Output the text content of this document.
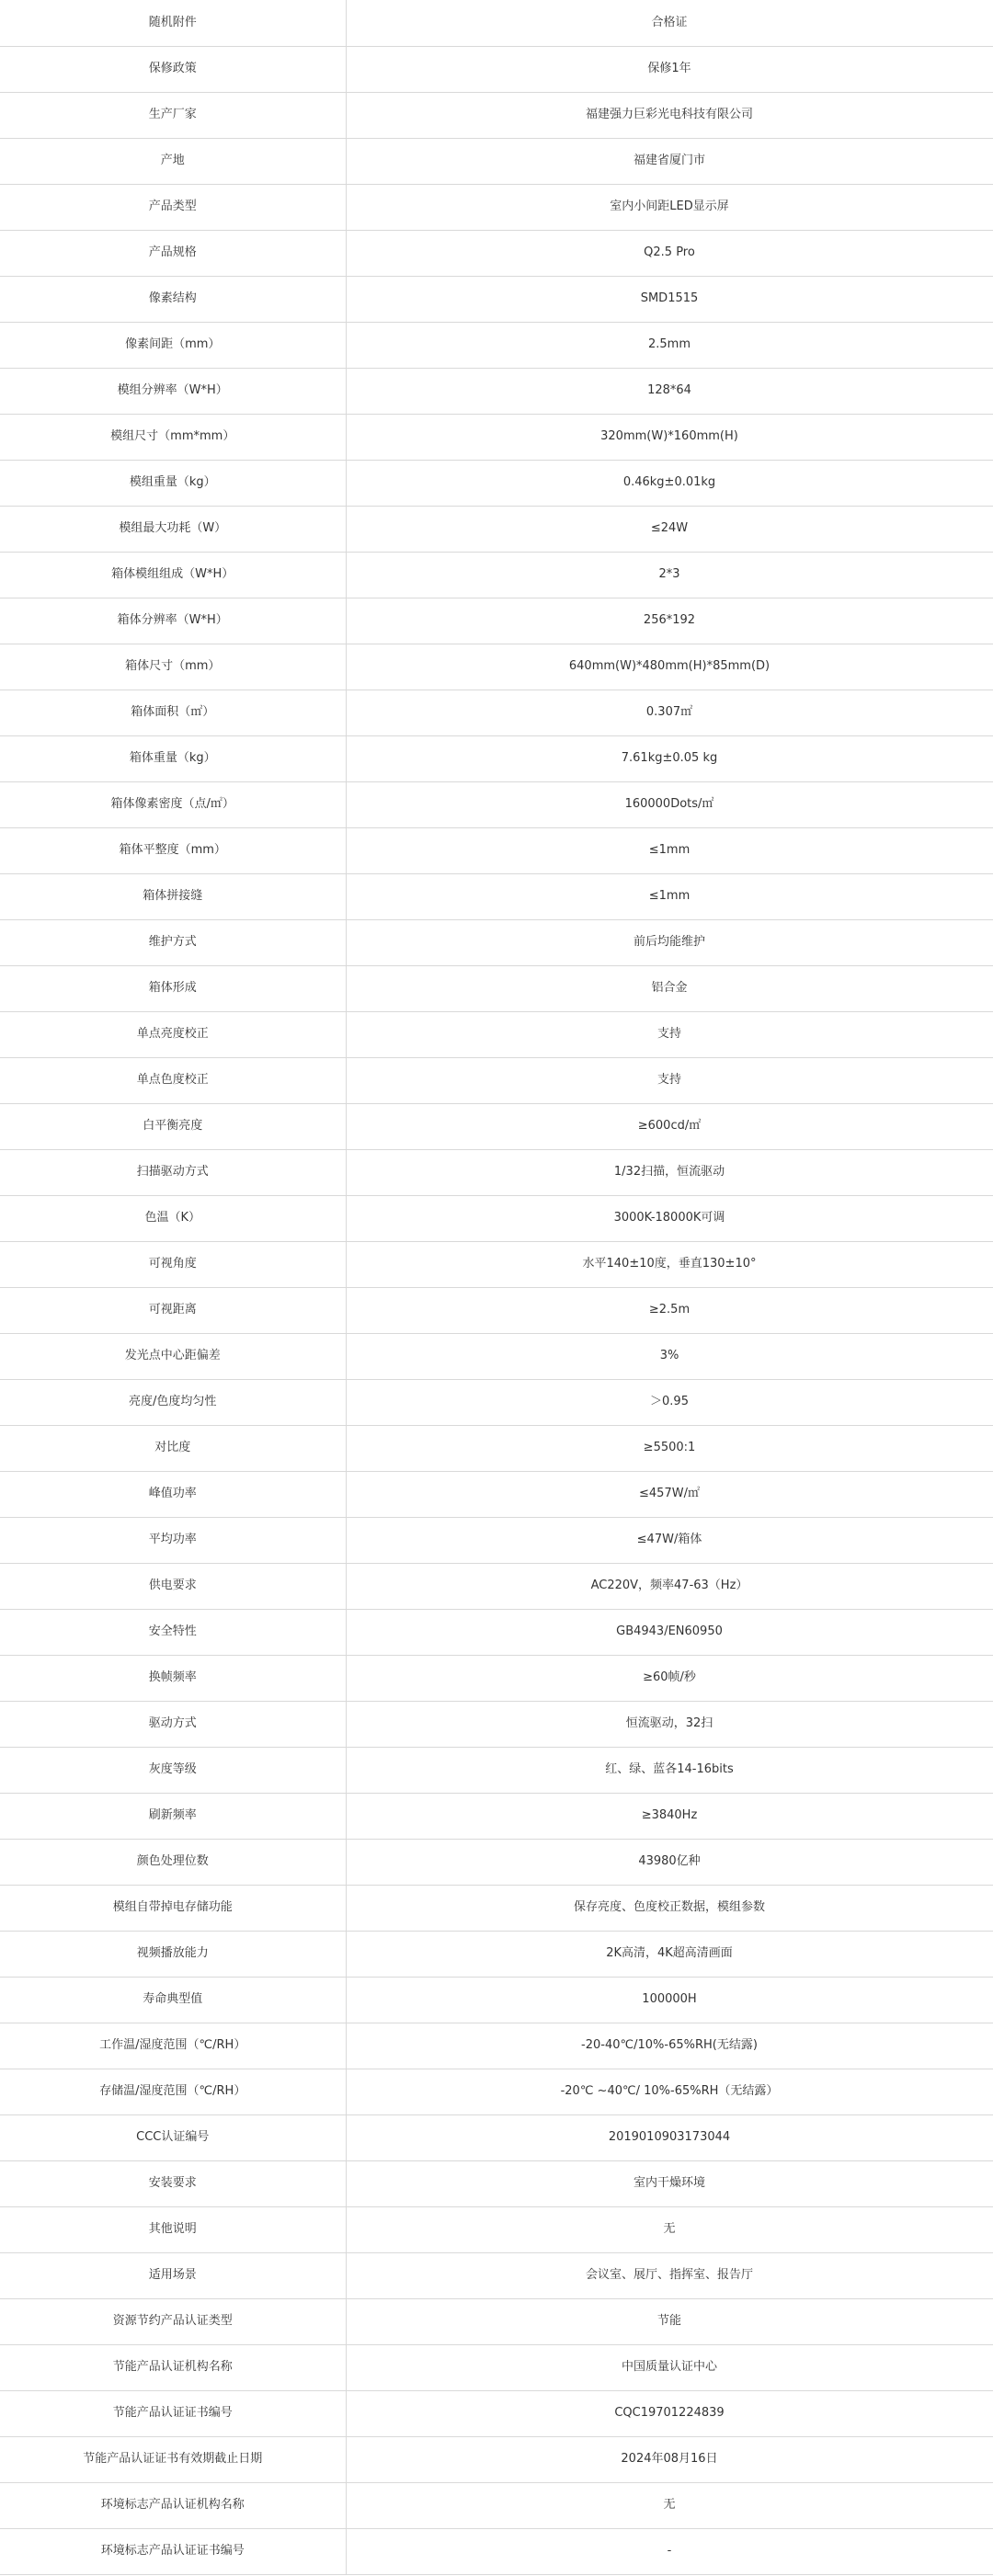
随机附件	合格证
保修政策	保修1年
生产厂家	福建强力巨彩光电科技有限公司
产地	福建省厦门市
产品类型	室内小间距LED显示屏
产品规格	Q2.5 Pro
像素结构	SMD1515
像素间距（mm）	2.5mm
模组分辨率（W*H）	128*64
模组尺寸（mm*mm）	320mm(W)*160mm(H)
模组重量（kg）	0.46kg±0.01kg
模组最大功耗（W）	≤24W
箱体模组组成（W*H）	2*3
箱体分辨率（W*H）	256*192
箱体尺寸（mm）	640mm(W)*480mm(H)*85mm(D)
箱体面积（㎡）	0.307㎡
箱体重量（kg）	7.61kg±0.05 kg
箱体像素密度（点/㎡）	160000Dots/㎡
箱体平整度（mm）	≤1mm
箱体拼接缝	≤1mm
维护方式	前后均能维护
箱体形成	铝合金
单点亮度校正	支持
单点色度校正	支持
白平衡亮度	≥600cd/㎡
扫描驱动方式	1/32扫描，恒流驱动
色温（K）	3000K-18000K可调
可视角度	水平140±10度，垂直130±10°
可视距离	≥2.5m
发光点中心距偏差	3%
亮度/色度均匀性	＞0.95
对比度	≥5500:1
峰值功率	≤457W/㎡
平均功率	≤47W/箱体
供电要求	AC220V，频率47-63（Hz）
安全特性	GB4943/EN60950
换帧频率	≥60帧/秒
驱动方式	恒流驱动，32扫
灰度等级	红、绿、蓝各14-16bits
刷新频率	≥3840Hz
颜色处理位数	43980亿种
模组自带掉电存储功能	保存亮度、色度校正数据，模组参数
视频播放能力	2K高清，4K超高清画面
寿命典型值	100000H
工作温/湿度范围（℃/RH）	-20-40℃/10%-65%RH(无结露)
存储温/湿度范围（℃/RH）	-20℃ ~40℃/ 10%-65%RH（无结露）
CCC认证编号	2019010903173044
安装要求	室内干燥环境
其他说明	无
适用场景	会议室、展厅、指挥室、报告厅
资源节约产品认证类型	节能
节能产品认证机构名称	中国质量认证中心
节能产品认证证书编号	CQC19701224839
节能产品认证证书有效期截止日期	2024年08月16日
环境标志产品认证机构名称	无
环境标志产品认证证书编号	-
